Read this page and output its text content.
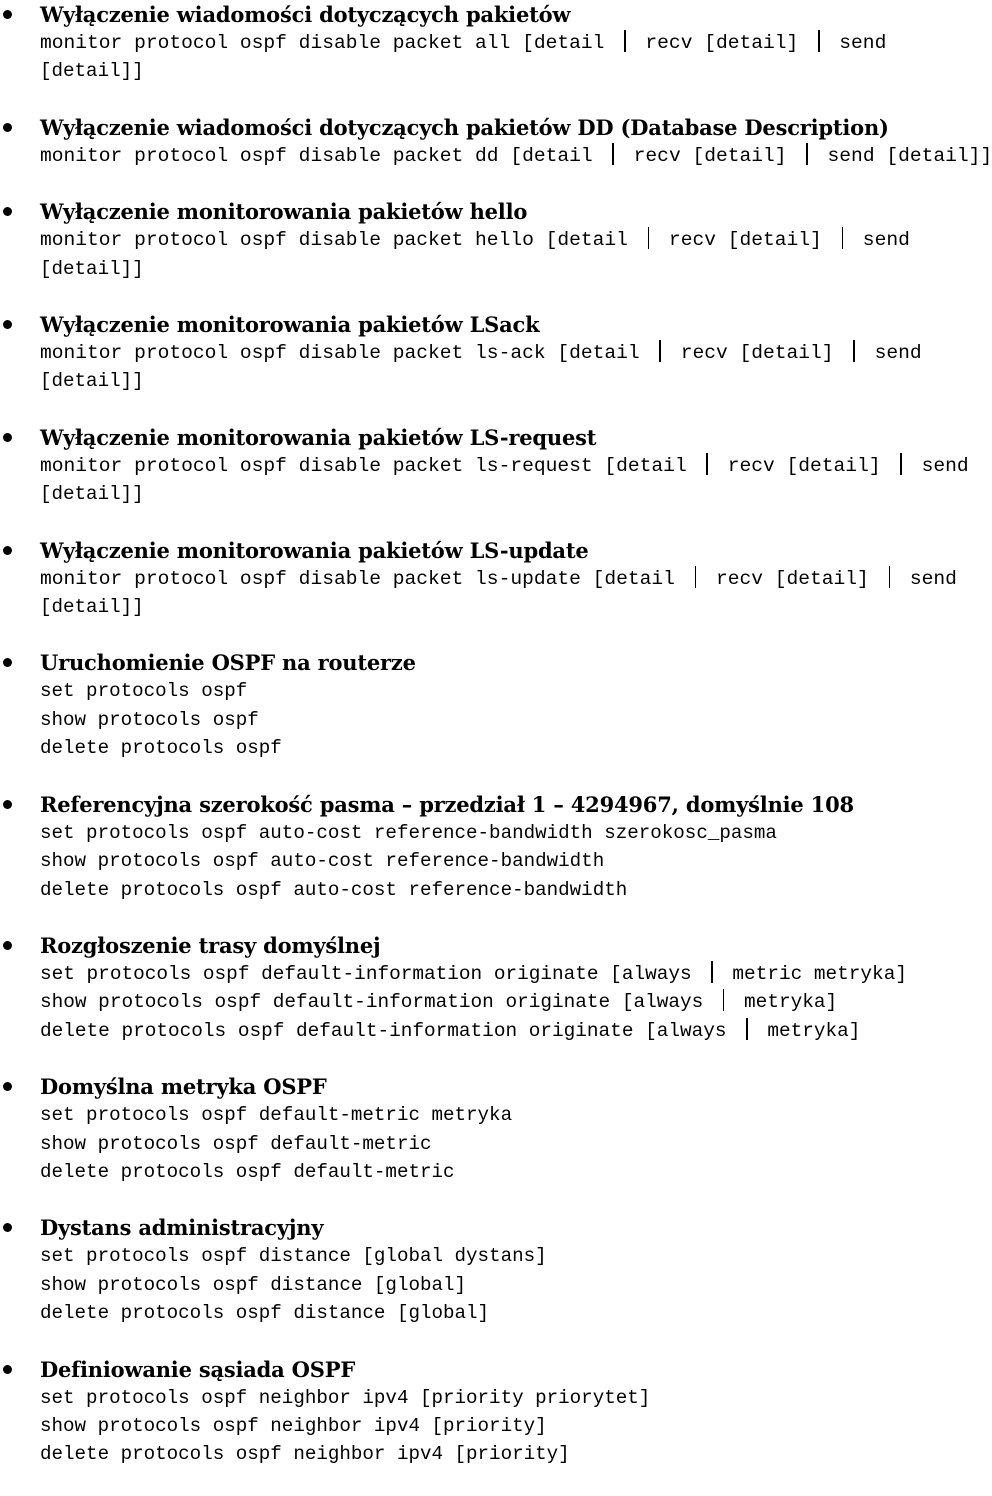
Wyłączenie wiadomości dotyczących pakietów
monitor protocol ospf disable packet all [detail  recv [detail]  send
[detail]]
Wyłączenie wiadomości dotyczących pakietów DD (Database Description)
monitor protocol ospf disable packet dd [detail  recv [detail]  send [detail]]
Wyłączenie monitorowania pakietów hello
monitor protocol ospf disable packet hello [detail  recv [detail]  send
[detail]]
Wyłączenie monitorowania pakietów LSack
monitor protocol ospf disable packet ls-ack [detail  recv [detail]  send
[detail]]
Wyłączenie monitorowania pakietów LS-request
monitor protocol ospf disable packet ls-request [detail  recv [detail]  send
[detail]]
Wyłączenie monitorowania pakietów LS-update
monitor protocol ospf disable packet ls-update [detail  recv [detail]  send
[detail]]
Uruchomienie OSPF na routerze
set protocols ospf
show protocols ospf
delete protocols ospf
Referencyjna szerokość pasma – przedział 1 – 4294967, domyślnie 108
set protocols ospf auto-cost reference-bandwidth szerokosc_pasma
show protocols ospf auto-cost reference-bandwidth
delete protocols ospf auto-cost reference-bandwidth
Rozgłoszenie trasy domyślnej
set protocols ospf default-information originate [always  metric metryka]
show protocols ospf default-information originate [always  metryka]
delete protocols ospf default-information originate [always  metryka]
Domyślna metryka OSPF
set protocols ospf default-metric metryka
show protocols ospf default-metric
delete protocols ospf default-metric
Dystans administracyjny
set protocols ospf distance [global dystans]
show protocols ospf distance [global]
delete protocols ospf distance [global]
Definiowanie sąsiada OSPF
set protocols ospf neighbor ipv4 [priority priorytet]
show protocols ospf neighbor ipv4 [priority]
delete protocols ospf neighbor ipv4 [priority]
